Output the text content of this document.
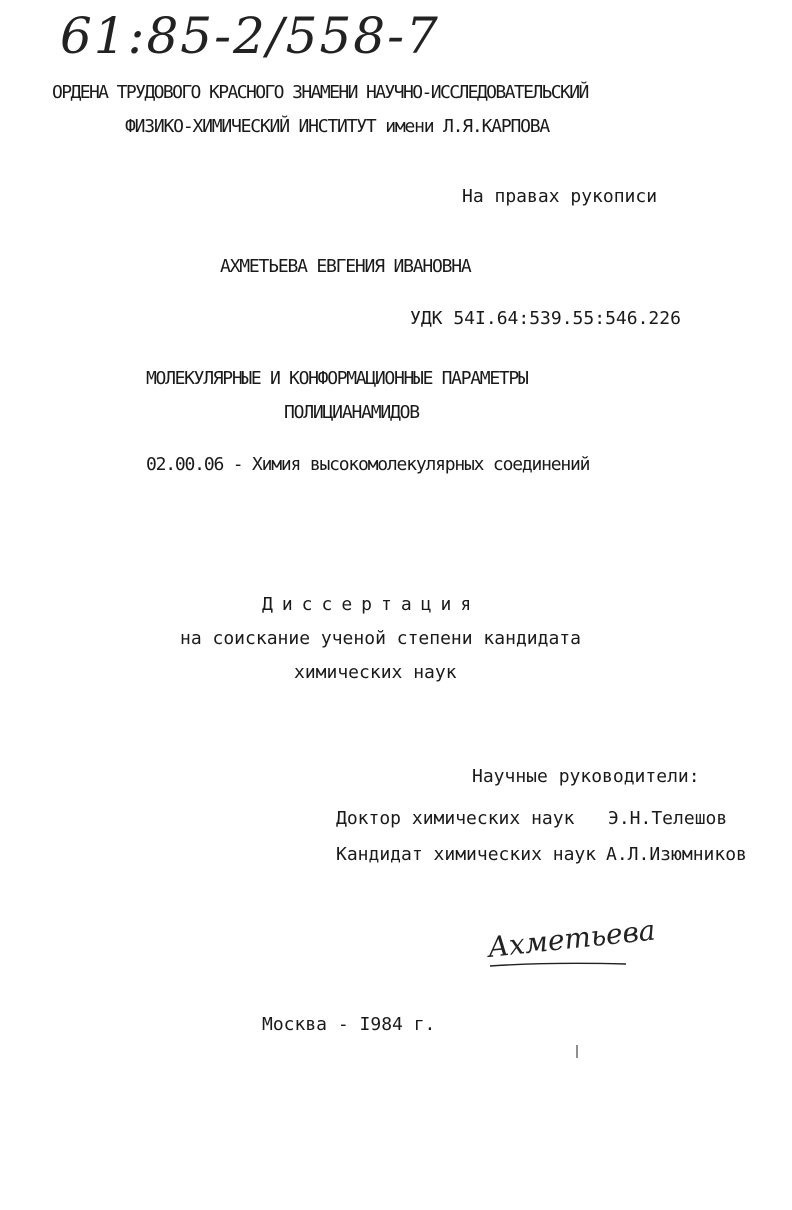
61:85-2/558-7
ОРДЕНА ТРУДОВОГО КРАСНОГО ЗНАМЕНИ НАУЧНО-ИССЛЕДОВАТЕЛЬСКИЙ
ФИЗИКО-ХИМИЧЕСКИЙ ИНСТИТУТ имени Л.Я.КАРПОВА
На правах рукописи
АХМЕТЬЕВА ЕВГЕНИЯ ИВАНОВНА
УДК 54I.64:539.55:546.226
МОЛЕКУЛЯРНЫЕ И КОНФОРМАЦИОННЫЕ ПАРАМЕТРЫ
ПОЛИЦИАНАМИДОВ
02.00.06 - Химия высокомолекулярных соединений
Диссертация
на соискание ученой степени кандидата
химических наук
Научные руководители:
Доктор химических наук Э.Н.Телешов
Кандидат химических наук А.Л.Изюмников
Ахметьева
Москва - I984 г.
